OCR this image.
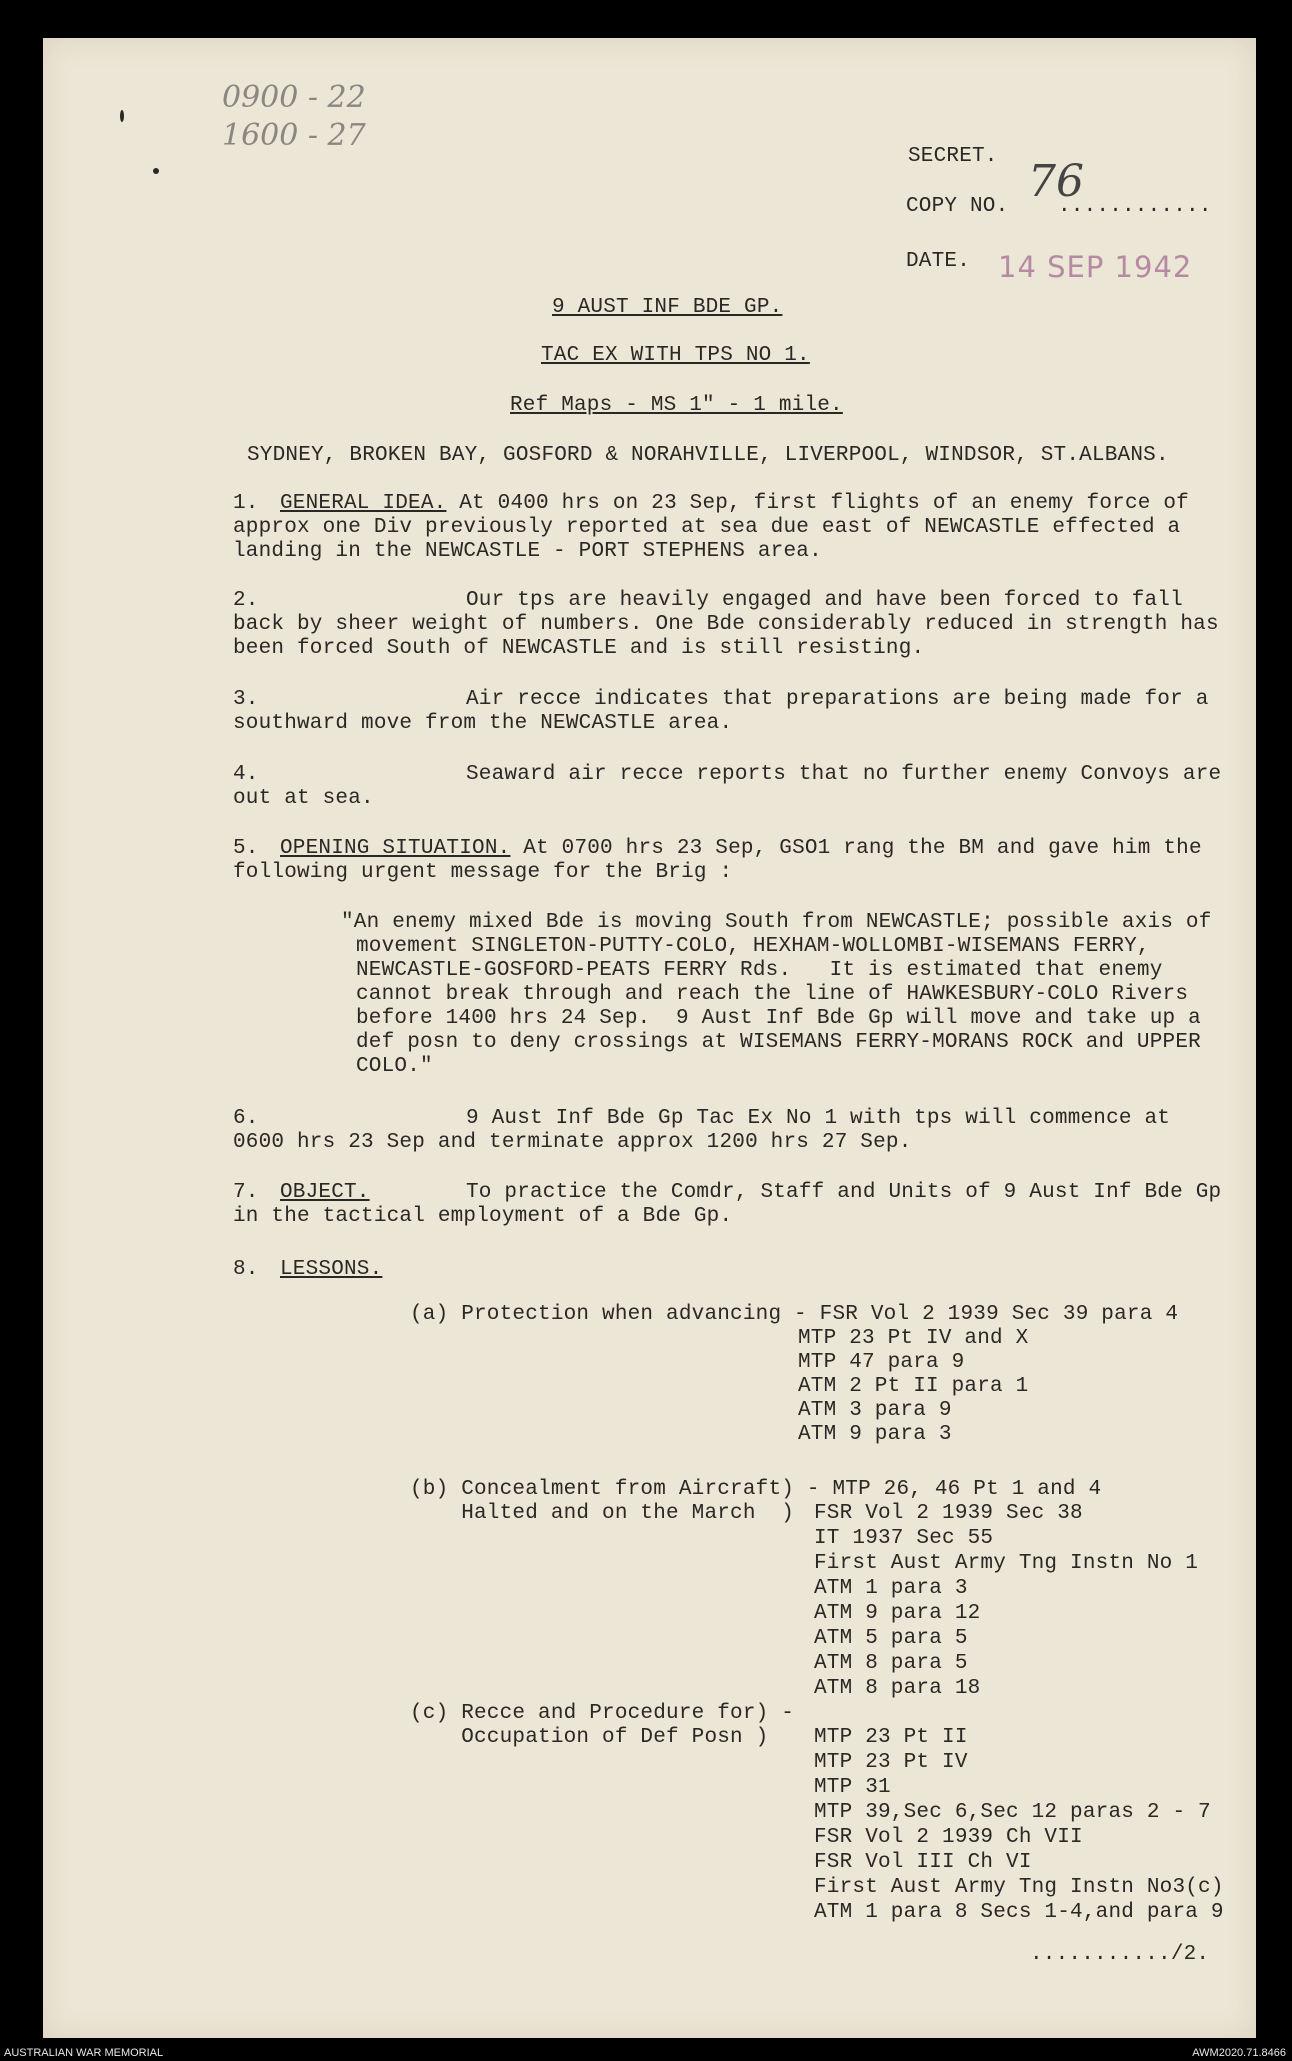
0900 - 22
1600 - 27
SECRET.
COPY NO. ............
76
DATE. 14 SEP 1942
9 AUST INF BDE GP.
TAC EX WITH TPS NO 1.
Ref Maps - MS 1" - 1 mile.
SYDNEY, BROKEN BAY, GOSFORD & NORAHVILLE, LIVERPOOL, WINDSOR, ST.ALBANS.
1. GENERAL IDEA. At 0400 hrs on 23 Sep, first flights of an enemy force of
approx one Div previously reported at sea due east of NEWCASTLE effected a
landing in the NEWCASTLE - PORT STEPHENS area.
2.	Our tps are heavily engaged and have been forced to fall
back by sheer weight of numbers. One Bde considerably reduced in strength has
been forced South of NEWCASTLE and is still resisting.
3.	Air recce indicates that preparations are being made for a
southward move from the NEWCASTLE area.
4.	Seaward air recce reports that no further enemy Convoys are
out at sea.
5. OPENING SITUATION. At 0700 hrs 23 Sep, GSO1 rang the BM and gave him the
following urgent message for the Brig :
"An enemy mixed Bde is moving South from NEWCASTLE; possible axis of
movement SINGLETON-PUTTY-COLO, HEXHAM-WOLLOMBI-WISEMANS FERRY,
NEWCASTLE-GOSFORD-PEATS FERRY Rds.   It is estimated that enemy
cannot break through and reach the line of HAWKESBURY-COLO Rivers
before 1400 hrs 24 Sep.  9 Aust Inf Bde Gp will move and take up a
def posn to deny crossings at WISEMANS FERRY-MORANS ROCK and UPPER
COLO."
6.	9 Aust Inf Bde Gp Tac Ex No 1 with tps will commence at
0600 hrs 23 Sep and terminate approx 1200 hrs 27 Sep.
7. OBJECT.	To practice the Comdr, Staff and Units of 9 Aust Inf Bde Gp
in the tactical employment of a Bde Gp.
8. LESSONS.
(a) Protection when advancing - FSR Vol 2 1939 Sec 39 para 4
MTP 23 Pt IV and X
MTP 47 para 9
ATM 2 Pt II para 1
ATM 3 para 9
ATM 9 para 3
(b) Concealment from Aircraft) - MTP 26, 46 Pt 1 and 4
Halted and on the March  ) FSR Vol 2 1939 Sec 38
IT 1937 Sec 55
First Aust Army Tng Instn No 1
ATM 1 para 3
ATM 9 para 12
ATM 5 para 5
ATM 8 para 5
ATM 8 para 18
(c) Recce and Procedure for) -
Occupation of Def Posn ) MTP 23 Pt II
MTP 23 Pt IV
MTP 31
MTP 39,Sec 6,Sec 12 paras 2 - 7
FSR Vol 2 1939 Ch VII
FSR Vol III Ch VI
First Aust Army Tng Instn No3(c)
ATM 1 para 8 Secs 1-4,and para 9
.........../2.
AUSTRALIAN WAR MEMORIAL	AWM2020.71.8466
